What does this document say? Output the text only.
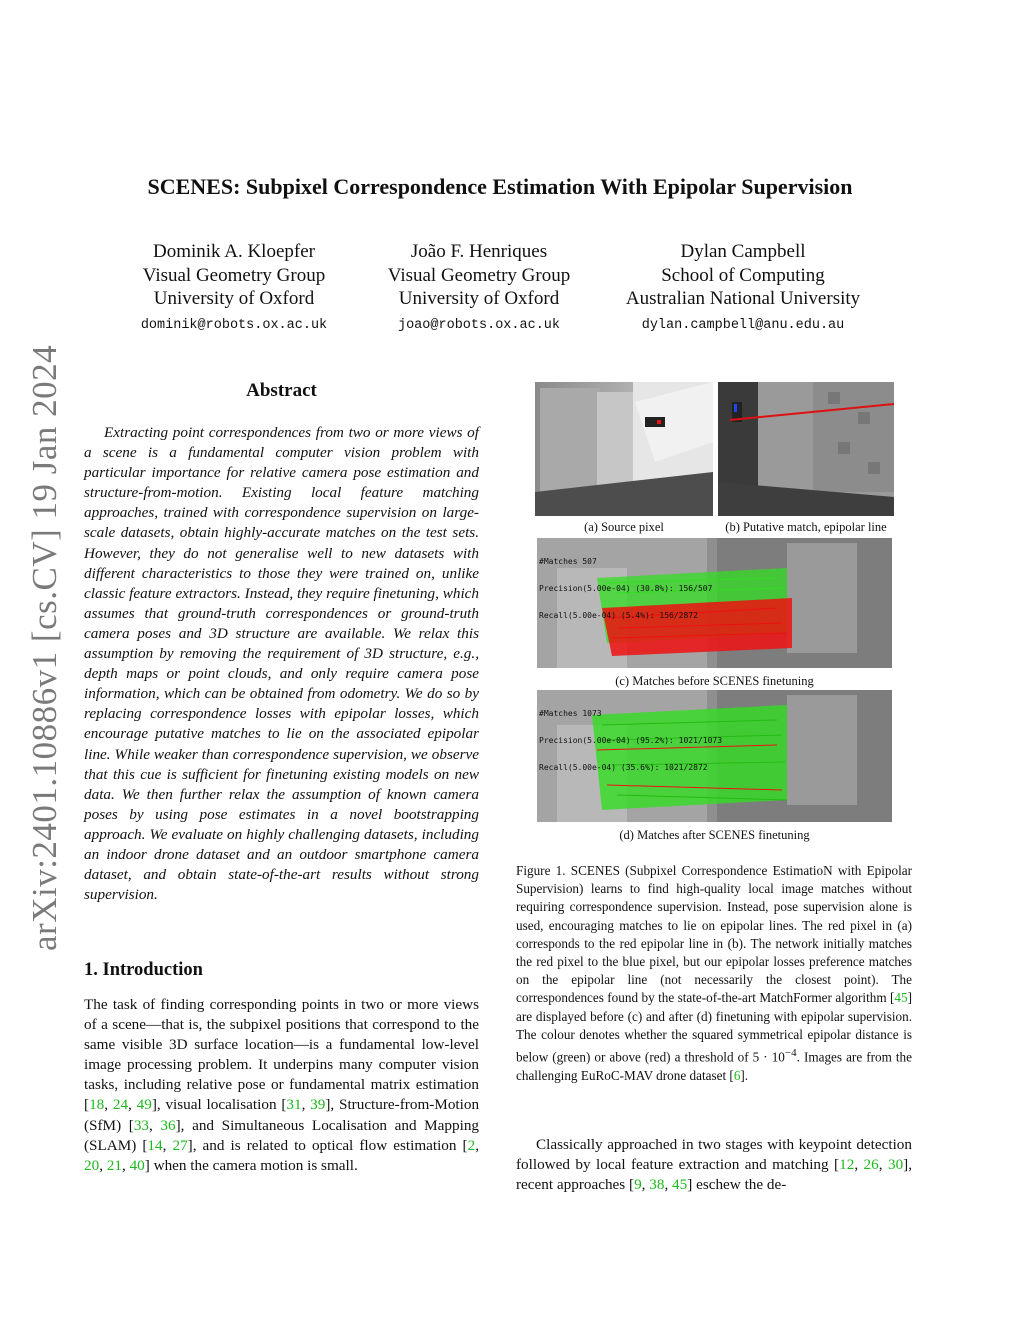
arXiv:2401.10886v1 [cs.CV] 19 Jan 2024
SCENES: Subpixel Correspondence Estimation With Epipolar Supervision
Dominik A. Kloepfer
Visual Geometry Group
University of Oxford
dominik@robots.ox.ac.uk
João F. Henriques
Visual Geometry Group
University of Oxford
joao@robots.ox.ac.uk
Dylan Campbell
School of Computing
Australian National University
dylan.campbell@anu.edu.au
Abstract
Extracting point correspondences from two or more views of a scene is a fundamental computer vision problem with particular importance for relative camera pose estimation and structure-from-motion. Existing local feature matching approaches, trained with correspondence supervision on large-scale datasets, obtain highly-accurate matches on the test sets. However, they do not generalise well to new datasets with different characteristics to those they were trained on, unlike classic feature extractors. Instead, they require finetuning, which assumes that ground-truth correspondences or ground-truth camera poses and 3D structure are available. We relax this assumption by removing the requirement of 3D structure, e.g., depth maps or point clouds, and only require camera pose information, which can be obtained from odometry. We do so by replacing correspondence losses with epipolar losses, which encourage putative matches to lie on the associated epipolar line. While weaker than correspondence supervision, we observe that this cue is sufficient for finetuning existing models on new data. We then further relax the assumption of known camera poses by using pose estimates in a novel bootstrapping approach. We evaluate on highly challenging datasets, including an indoor drone dataset and an outdoor smartphone camera dataset, and obtain state-of-the-art results without strong supervision.
1. Introduction
The task of finding corresponding points in two or more views of a scene—that is, the subpixel positions that correspond to the same visible 3D surface location—is a fundamental low-level image processing problem. It underpins many computer vision tasks, including relative pose or fundamental matrix estimation [18, 24, 49], visual localisation [31, 39], Structure-from-Motion (SfM) [33, 36], and Simultaneous Localisation and Mapping (SLAM) [14, 27], and is related to optical flow estimation [2, 20, 21, 40] when the camera motion is small.
(a) Source pixel	(b) Putative match, epipolar line

#Matches 507

Precision(5.00e-04) (30.8%): 156/507

Recall(5.00e-04) (5.4%): 156/2872

(c) Matches before SCENES finetuning

#Matches 1073

Precision(5.00e-04) (95.2%): 1021/1073

Recall(5.00e-04) (35.6%): 1021/2872

(d) Matches after SCENES finetuning
Figure 1. SCENES (Subpixel Correspondence EstimatioN with Epipolar Supervision) learns to find high-quality local image matches without requiring correspondence supervision. Instead, pose supervision alone is used, encouraging matches to lie on epipolar lines. The red pixel in (a) corresponds to the red epipolar line in (b). The network initially matches the red pixel to the blue pixel, but our epipolar losses preference matches on the epipolar line (not necessarily the closest point). The correspondences found by the state-of-the-art MatchFormer algorithm [45] are displayed before (c) and after (d) finetuning with epipolar supervision. The colour denotes whether the squared symmetrical epipolar distance is below (green) or above (red) a threshold of $5 \cdot 10^{-4}$. Images are from the challenging EuRoC-MAV drone dataset [6].
Classically approached in two stages with keypoint detection followed by local feature extraction and matching [12, 26, 30], recent approaches [9, 38, 45] eschew the de-
